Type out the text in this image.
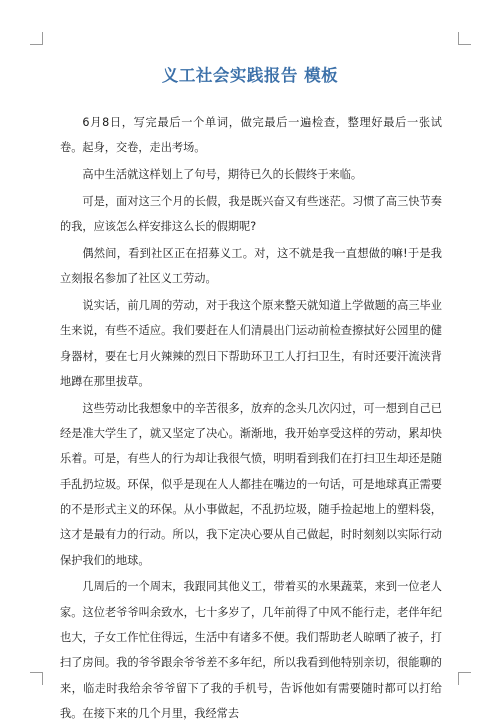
义工社会实践报告 模板

6月8日，写完最后一个单词，做完最后一遍检查，整理好最后一张试卷。起身，交卷，走出考场。

高中生活就这样划上了句号，期待已久的长假终于来临。

可是，面对这三个月的长假，我是既兴奋又有些迷茫。习惯了高三快节奏的我，应该怎么样安排这么长的假期呢?

偶然间，看到社区正在招募义工。对，这不就是我一直想做的嘛!于是我立刻报名参加了社区义工劳动。

说实话，前几周的劳动，对于我这个原来整天就知道上学做题的高三毕业生来说，有些不适应。我们要赶在人们清晨出门运动前检查擦拭好公园里的健身器材，要在七月火辣辣的烈日下帮助环卫工人打扫卫生，有时还要汗流浃背地蹲在那里拔草。

这些劳动比我想象中的辛苦很多，放弃的念头几次闪过，可一想到自己已经是准大学生了，就又坚定了决心。渐渐地，我开始享受这样的劳动，累却快乐着。可是，有些人的行为却让我很气愤，明明看到我们在打扫卫生却还是随手乱扔垃圾。环保，似乎是现在人人都挂在嘴边的一句话，可是地球真正需要的不是形式主义的环保。从小事做起，不乱扔垃圾，随手捡起地上的塑料袋，这才是最有力的行动。所以，我下定决心要从自己做起，时时刻刻以实际行动保护我们的地球。

几周后的一个周末，我跟同其他义工，带着买的水果蔬菜，来到一位老人家。这位老爷爷叫余致水，七十多岁了，几年前得了中风不能行走，老伴年纪也大，子女工作忙住得远，生活中有诸多不便。我们帮助老人晾晒了被子，打扫了房间。我的爷爷跟余爷爷差不多年纪，所以我看到他特别亲切，很能聊的来，临走时我给余爷爷留下了我的手机号，告诉他如有需要随时都可以打给我。在接下来的几个月里，我经常去
